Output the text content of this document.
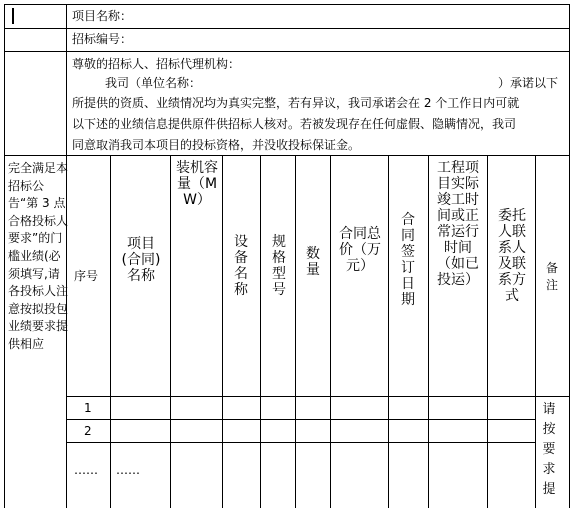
项目名称：
招标编号：
尊敬的招标人、招标代理机构：
我司（单位名称：	）承诺以下
所提供的资质、业绩情况均为真实完整，若有异议，我司承诺会在 2 个工作日内可就
以下述的业绩信息提供原件供招标人核对。若被发现存在任何虚假、隐瞒情况，我司
同意取消我司本项目的投标资格，并没收投标保证金。
完全满足本招标公告“第 3 点 合格投标人要求”的门槛业绩(必须填写,请各投标人注意按拟投包业绩要求提供相应
序号
项目(合同)名称
装机容量（MW）
设备名称
规格型号
数量
合同总价（万元）
合同签订日期
工程项目实际竣工时间或正常运行时间（如已投运）
委托人联系人及联系方式
备注
1
2
…… ……
请按要求提
